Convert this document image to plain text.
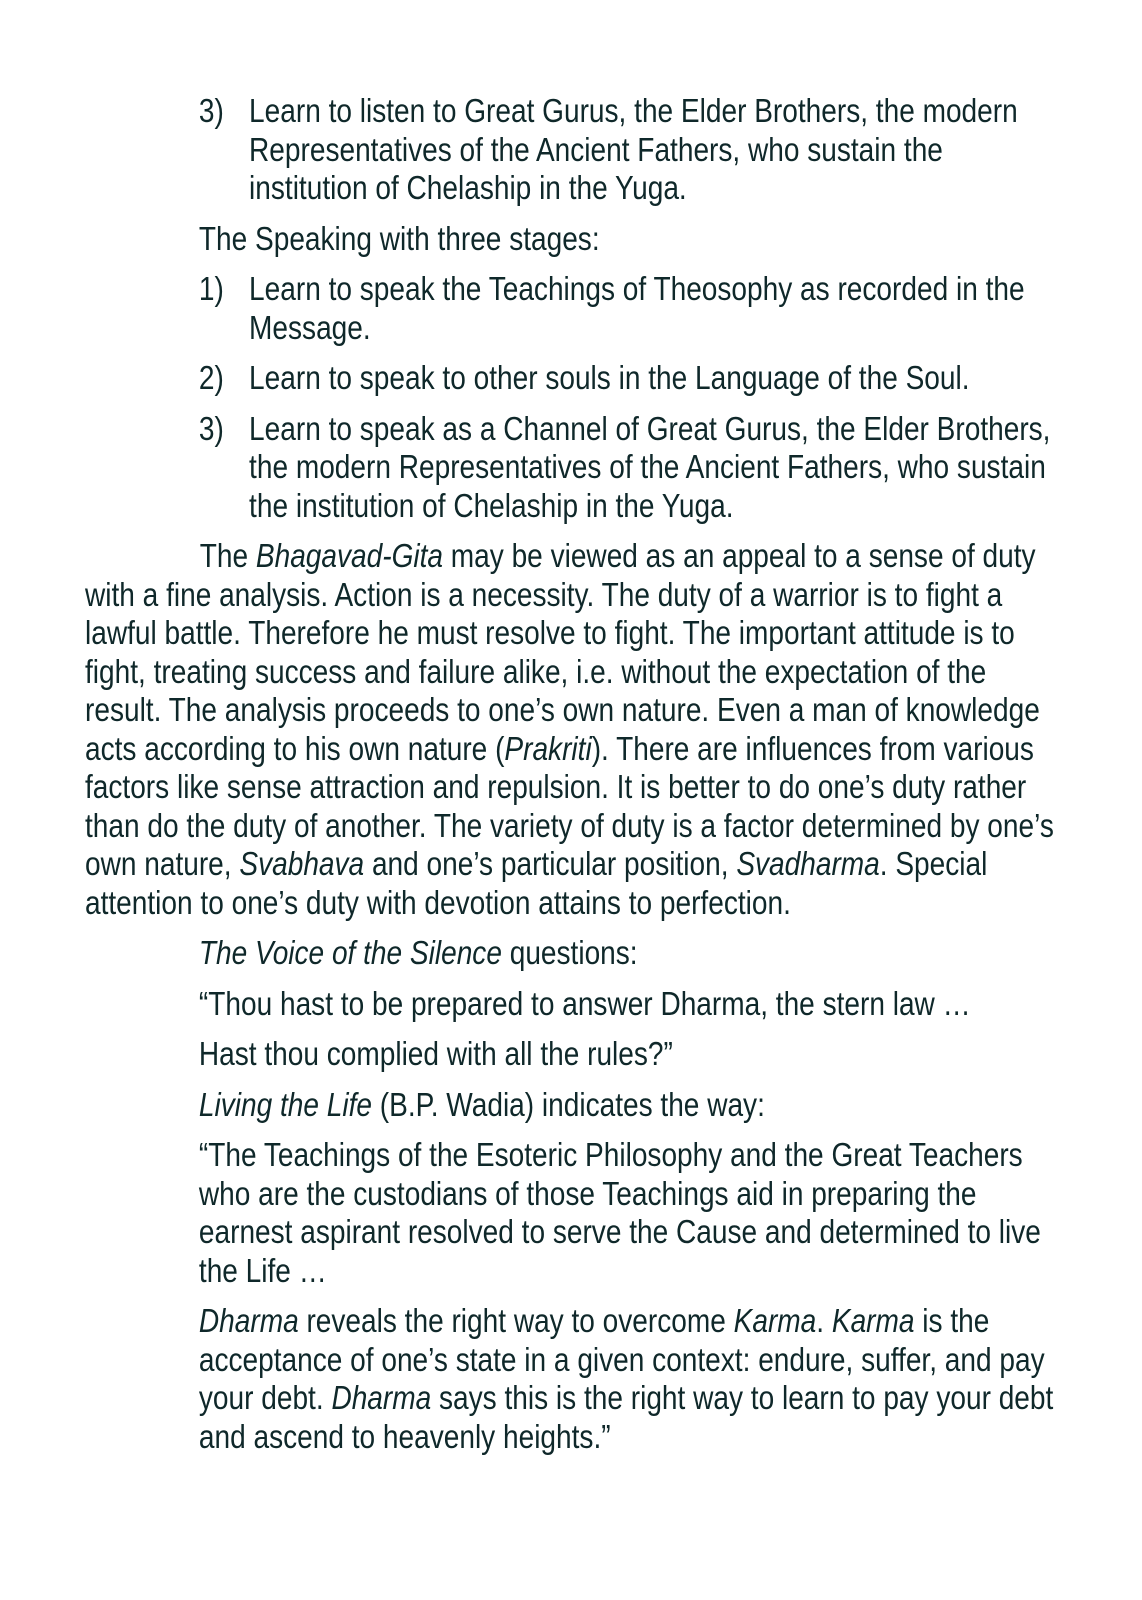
3) Learn to listen to Great Gurus, the Elder Brothers, the modern Representatives of the Ancient Fathers, who sustain the institution of Chelaship in the Yuga.
The Speaking with three stages:
1) Learn to speak the Teachings of Theosophy as recorded in the Message.
2) Learn to speak to other souls in the Language of the Soul.
3) Learn to speak as a Channel of Great Gurus, the Elder Brothers, the modern Representatives of the Ancient Fathers, who sustain the institution of Chelaship in the Yuga.
The Bhagavad-Gita may be viewed as an appeal to a sense of duty with a fine analysis. Action is a necessity. The duty of a warrior is to fight a lawful battle. Therefore he must resolve to fight. The important attitude is to fight, treating success and failure alike, i.e. without the expectation of the result. The analysis proceeds to one’s own nature. Even a man of knowledge acts according to his own nature (Prakriti). There are influences from various factors like sense attraction and repulsion. It is better to do one’s duty rather than do the duty of another. The variety of duty is a factor determined by one’s own nature, Svabhava and one’s particular position, Svadharma. Special attention to one’s duty with devotion attains to perfection.
The Voice of the Silence questions:
“Thou hast to be prepared to answer Dharma, the stern law …
Hast thou complied with all the rules?”
Living the Life (B.P. Wadia) indicates the way:
“The Teachings of the Esoteric Philosophy and the Great Teachers who are the custodians of those Teachings aid in preparing the earnest aspirant resolved to serve the Cause and determined to live the Life …
Dharma reveals the right way to overcome Karma. Karma is the acceptance of one’s state in a given context: endure, suffer, and pay your debt. Dharma says this is the right way to learn to pay your debt and ascend to heavenly heights.”
